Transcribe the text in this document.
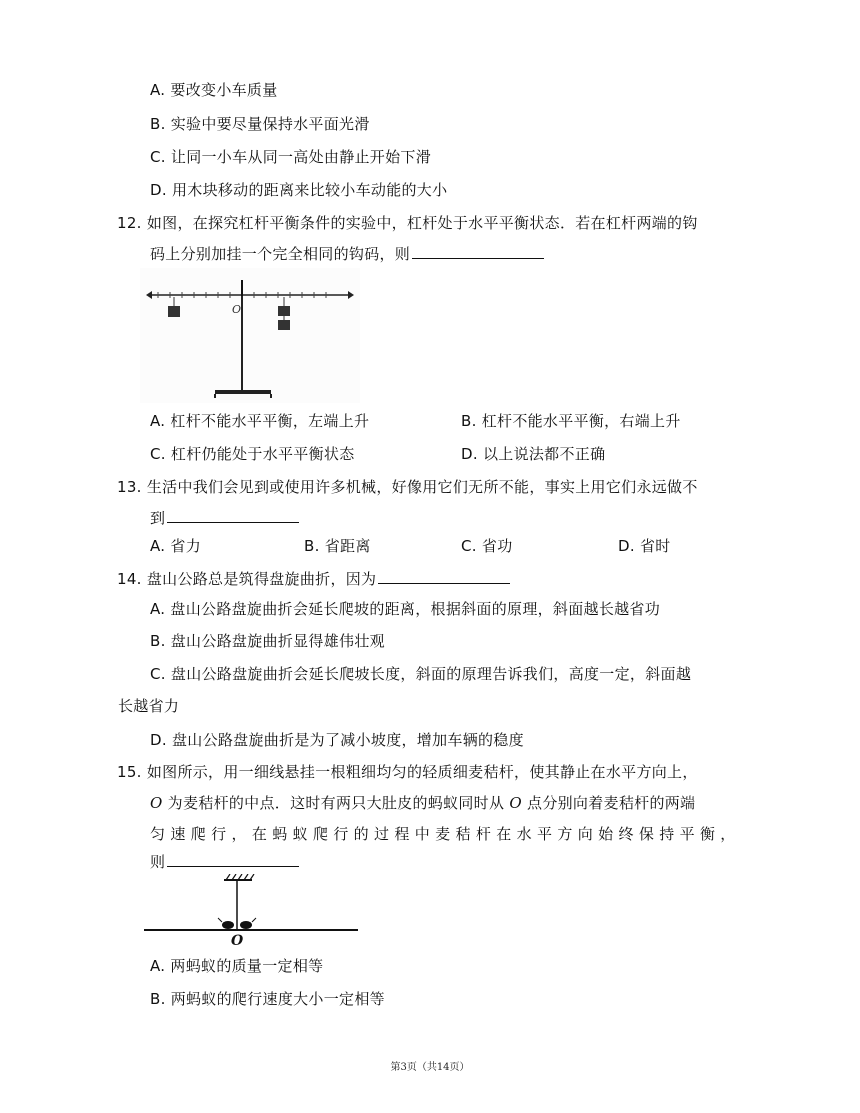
A. 要改变小车质量
B. 实验中要尽量保持水平面光滑
C. 让同一小车从同一高处由静止开始下滑
D. 用木块移动的距离来比较小车动能的大小
12. 如图，在探究杠杆平衡条件的实验中，杠杆处于水平平衡状态．若在杠杆两端的钩
码上分别加挂一个完全相同的钩码，则
O
A. 杠杆不能水平平衡，左端上升	B. 杠杆不能水平平衡，右端上升
C. 杠杆仍能处于水平平衡状态	D. 以上说法都不正确
13. 生活中我们会见到或使用许多机械，好像用它们无所不能，事实上用它们永远做不
到
A. 省力	B. 省距离	C. 省功	D. 省时
14. 盘山公路总是筑得盘旋曲折，因为
A. 盘山公路盘旋曲折会延长爬坡的距离，根据斜面的原理，斜面越长越省功
B. 盘山公路盘旋曲折显得雄伟壮观
C. 盘山公路盘旋曲折会延长爬坡长度，斜面的原理告诉我们，高度一定，斜面越
长越省力
D. 盘山公路盘旋曲折是为了减小坡度，增加车辆的稳度
15. 如图所示，用一细线悬挂一根粗细均匀的轻质细麦秸杆，使其静止在水平方向上，
O 为麦秸杆的中点．这时有两只大肚皮的蚂蚁同时从 O 点分别向着麦秸杆的两端
匀 速 爬 行 ， 在 蚂 蚁 爬 行 的 过 程 中 麦 秸 杆 在 水 平 方 向 始 终 保 持 平 衡 ，
则
O
A. 两蚂蚁的质量一定相等
B. 两蚂蚁的爬行速度大小一定相等
第3页（共14页）
